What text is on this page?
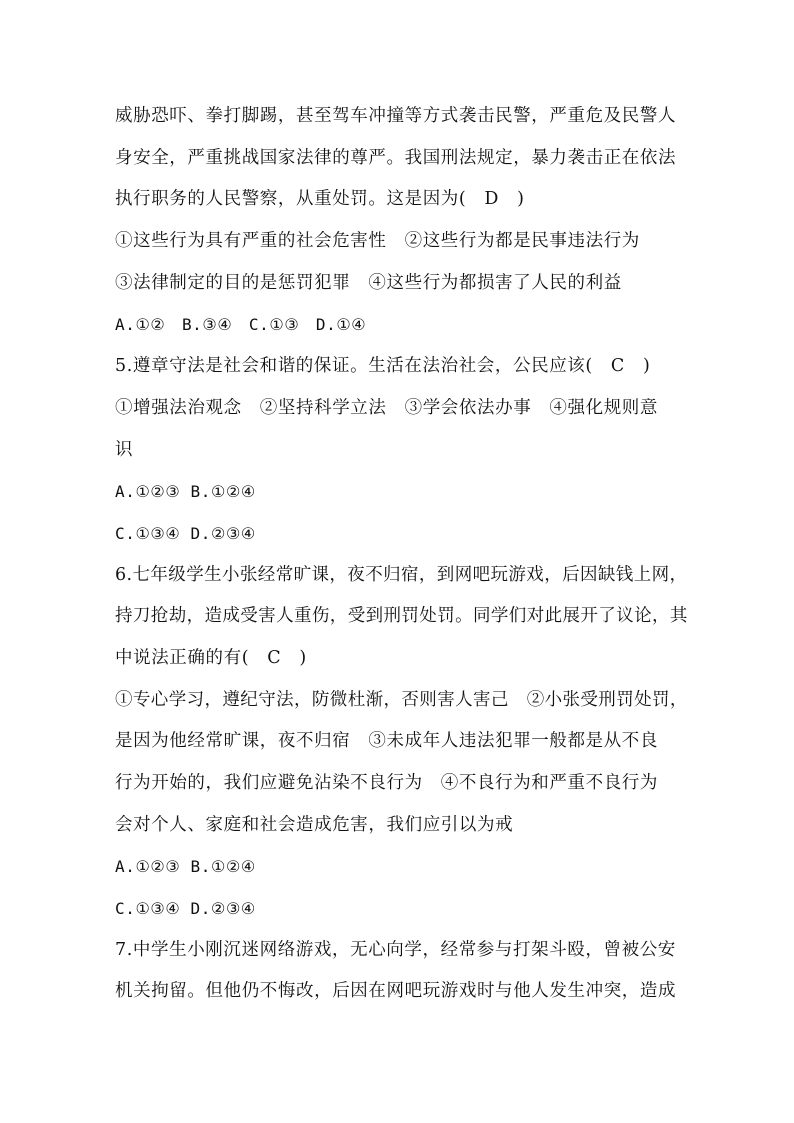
威胁恐吓、拳打脚踢，甚至驾车冲撞等方式袭击民警，严重危及民警人
身安全，严重挑战国家法律的尊严。我国刑法规定，暴力袭击正在依法
执行职务的人民警察，从重处罚。这是因为(　D　)
①这些行为具有严重的社会危害性　②这些行为都是民事违法行为
③法律制定的目的是惩罚犯罪　④这些行为都损害了人民的利益
A.①②　B.③④　C.①③　D.①④
5.遵章守法是社会和谐的保证。生活在法治社会，公民应该(　C　)
①增强法治观念　②坚持科学立法　③学会依法办事　④强化规则意
识
A.①②③ B.①②④
C.①③④ D.②③④
6.七年级学生小张经常旷课，夜不归宿，到网吧玩游戏，后因缺钱上网，
持刀抢劫，造成受害人重伤，受到刑罚处罚。同学们对此展开了议论，其
中说法正确的有(　C　)
①专心学习，遵纪守法，防微杜渐，否则害人害己　②小张受刑罚处罚，
是因为他经常旷课，夜不归宿　③未成年人违法犯罪一般都是从不良
行为开始的，我们应避免沾染不良行为　④不良行为和严重不良行为
会对个人、家庭和社会造成危害，我们应引以为戒
A.①②③ B.①②④
C.①③④ D.②③④
7.中学生小刚沉迷网络游戏，无心向学，经常参与打架斗殴，曾被公安
机关拘留。但他仍不悔改，后因在网吧玩游戏时与他人发生冲突，造成
